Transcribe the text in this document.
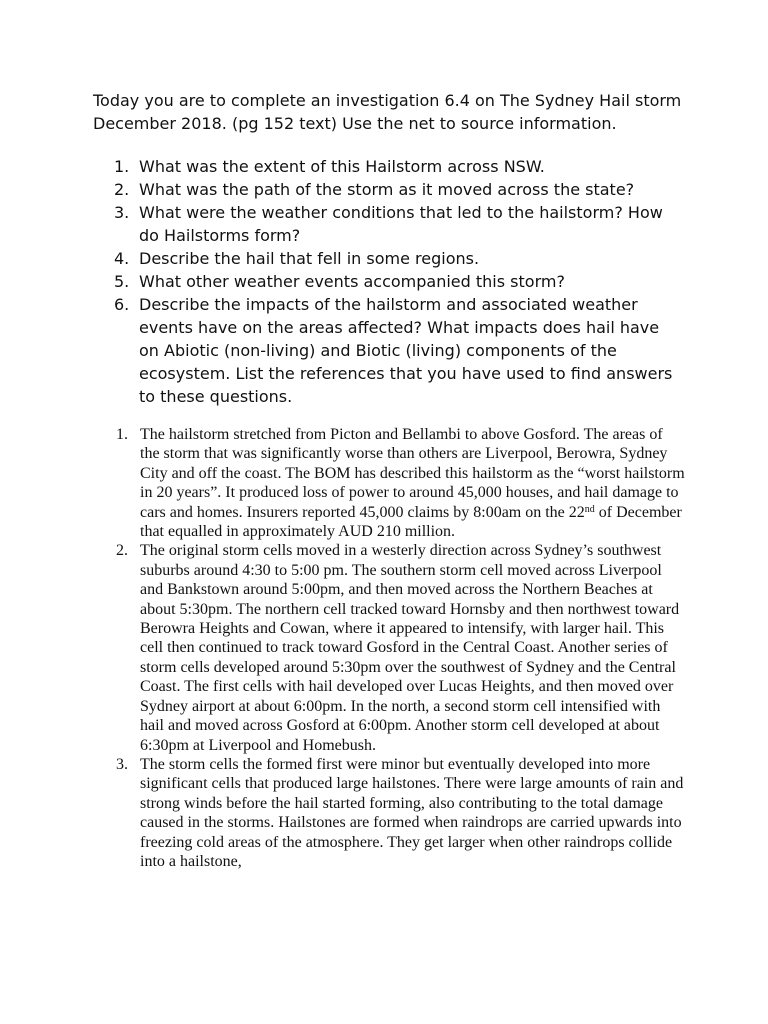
Today you are to complete an investigation 6.4 on The Sydney Hail storm December 2018. (pg 152 text) Use the net to source information.

1. What was the extent of this Hailstorm across NSW.
2. What was the path of the storm as it moved across the state?
3. What were the weather conditions that led to the hailstorm? How do Hailstorms form?
4. Describe the hail that fell in some regions.
5. What other weather events accompanied this storm?
6. Describe the impacts of the hailstorm and associated weather events have on the areas affected? What impacts does hail have on Abiotic (non-living) and Biotic (living) components of the ecosystem. List the references that you have used to find answers to these questions.
1. The hailstorm stretched from Picton and Bellambi to above Gosford. The areas of the storm that was significantly worse than others are Liverpool, Berowra, Sydney City and off the coast. The BOM has described this hailstorm as the “worst hailstorm in 20 years”. It produced loss of power to around 45,000 houses, and hail damage to cars and homes. Insurers reported 45,000 claims by 8:00am on the 22nd of December that equalled in approximately AUD 210 million.
2. The original storm cells moved in a westerly direction across Sydney’s southwest suburbs around 4:30 to 5:00 pm. The southern storm cell moved across Liverpool and Bankstown around 5:00pm, and then moved across the Northern Beaches at about 5:30pm. The northern cell tracked toward Hornsby and then northwest toward Berowra Heights and Cowan, where it appeared to intensify, with larger hail. This cell then continued to track toward Gosford in the Central Coast. Another series of storm cells developed around 5:30pm over the southwest of Sydney and the Central Coast. The first cells with hail developed over Lucas Heights, and then moved over Sydney airport at about 6:00pm. In the north, a second storm cell intensified with hail and moved across Gosford at 6:00pm. Another storm cell developed at about 6:30pm at Liverpool and Homebush.
3. The storm cells the formed first were minor but eventually developed into more significant cells that produced large hailstones. There were large amounts of rain and strong winds before the hail started forming, also contributing to the total damage caused in the storms. Hailstones are formed when raindrops are carried upwards into freezing cold areas of the atmosphere. They get larger when other raindrops collide into a hailstone,
